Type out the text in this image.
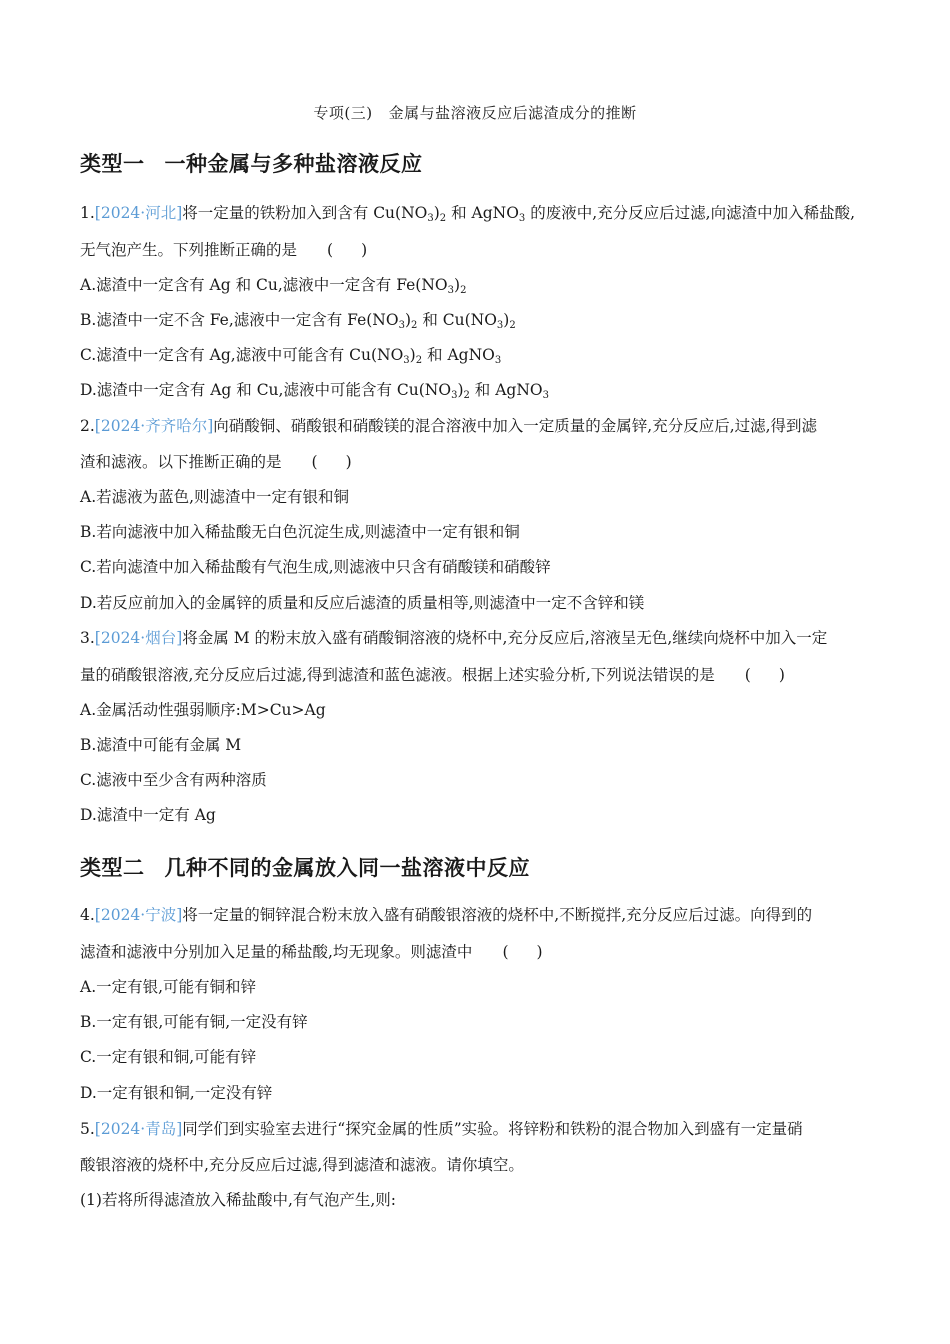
专项(三) 金属与盐溶液反应后滤渣成分的推断
类型一 一种金属与多种盐溶液反应
1.[2024·河北]将一定量的铁粉加入到含有 $Cu(NO_3)_2$ 和 AgNO$_3$ 的废液中,充分反应后过滤,向滤渣中加入稀盐酸,
无气泡产生。下列推断正确的是 ( )
A.滤渣中一定含有 Ag 和 Cu,滤液中一定含有 $Fe(NO_3)_2$
B.滤渣中一定不含 Fe,滤液中一定含有 $Fe(NO_3)_2$ 和 $Cu(NO_3)_2$
C.滤渣中一定含有 Ag,滤液中可能含有 $Cu(NO_3)_2$ 和 AgNO$_3$
D.滤渣中一定含有 Ag 和 Cu,滤液中可能含有 $Cu(NO_3)_2$ 和 AgNO$_3$
2.[2024·齐齐哈尔]向硝酸铜、硝酸银和硝酸镁的混合溶液中加入一定质量的金属锌,充分反应后,过滤,得到滤
渣和滤液。以下推断正确的是 ( )
A.若滤液为蓝色,则滤渣中一定有银和铜
B.若向滤液中加入稀盐酸无白色沉淀生成,则滤渣中一定有银和铜
C.若向滤渣中加入稀盐酸有气泡生成,则滤液中只含有硝酸镁和硝酸锌
D.若反应前加入的金属锌的质量和反应后滤渣的质量相等,则滤渣中一定不含锌和镁
3.[2024·烟台]将金属 M 的粉末放入盛有硝酸铜溶液的烧杯中,充分反应后,溶液呈无色,继续向烧杯中加入一定
量的硝酸银溶液,充分反应后过滤,得到滤渣和蓝色滤液。根据上述实验分析,下列说法错误的是 ( )
A.金属活动性强弱顺序:M>Cu>Ag
B.滤渣中可能有金属 M
C.滤液中至少含有两种溶质
D.滤渣中一定有 Ag
类型二 几种不同的金属放入同一盐溶液中反应
4.[2024·宁波]将一定量的铜锌混合粉末放入盛有硝酸银溶液的烧杯中,不断搅拌,充分反应后过滤。向得到的
滤渣和滤液中分别加入足量的稀盐酸,均无现象。则滤渣中 ( )
A.一定有银,可能有铜和锌
B.一定有银,可能有铜,一定没有锌
C.一定有银和铜,可能有锌
D.一定有银和铜,一定没有锌
5.[2024·青岛]同学们到实验室去进行“探究金属的性质”实验。将锌粉和铁粉的混合物加入到盛有一定量硝
酸银溶液的烧杯中,充分反应后过滤,得到滤渣和滤液。请你填空。
(1)若将所得滤渣放入稀盐酸中,有气泡产生,则:
